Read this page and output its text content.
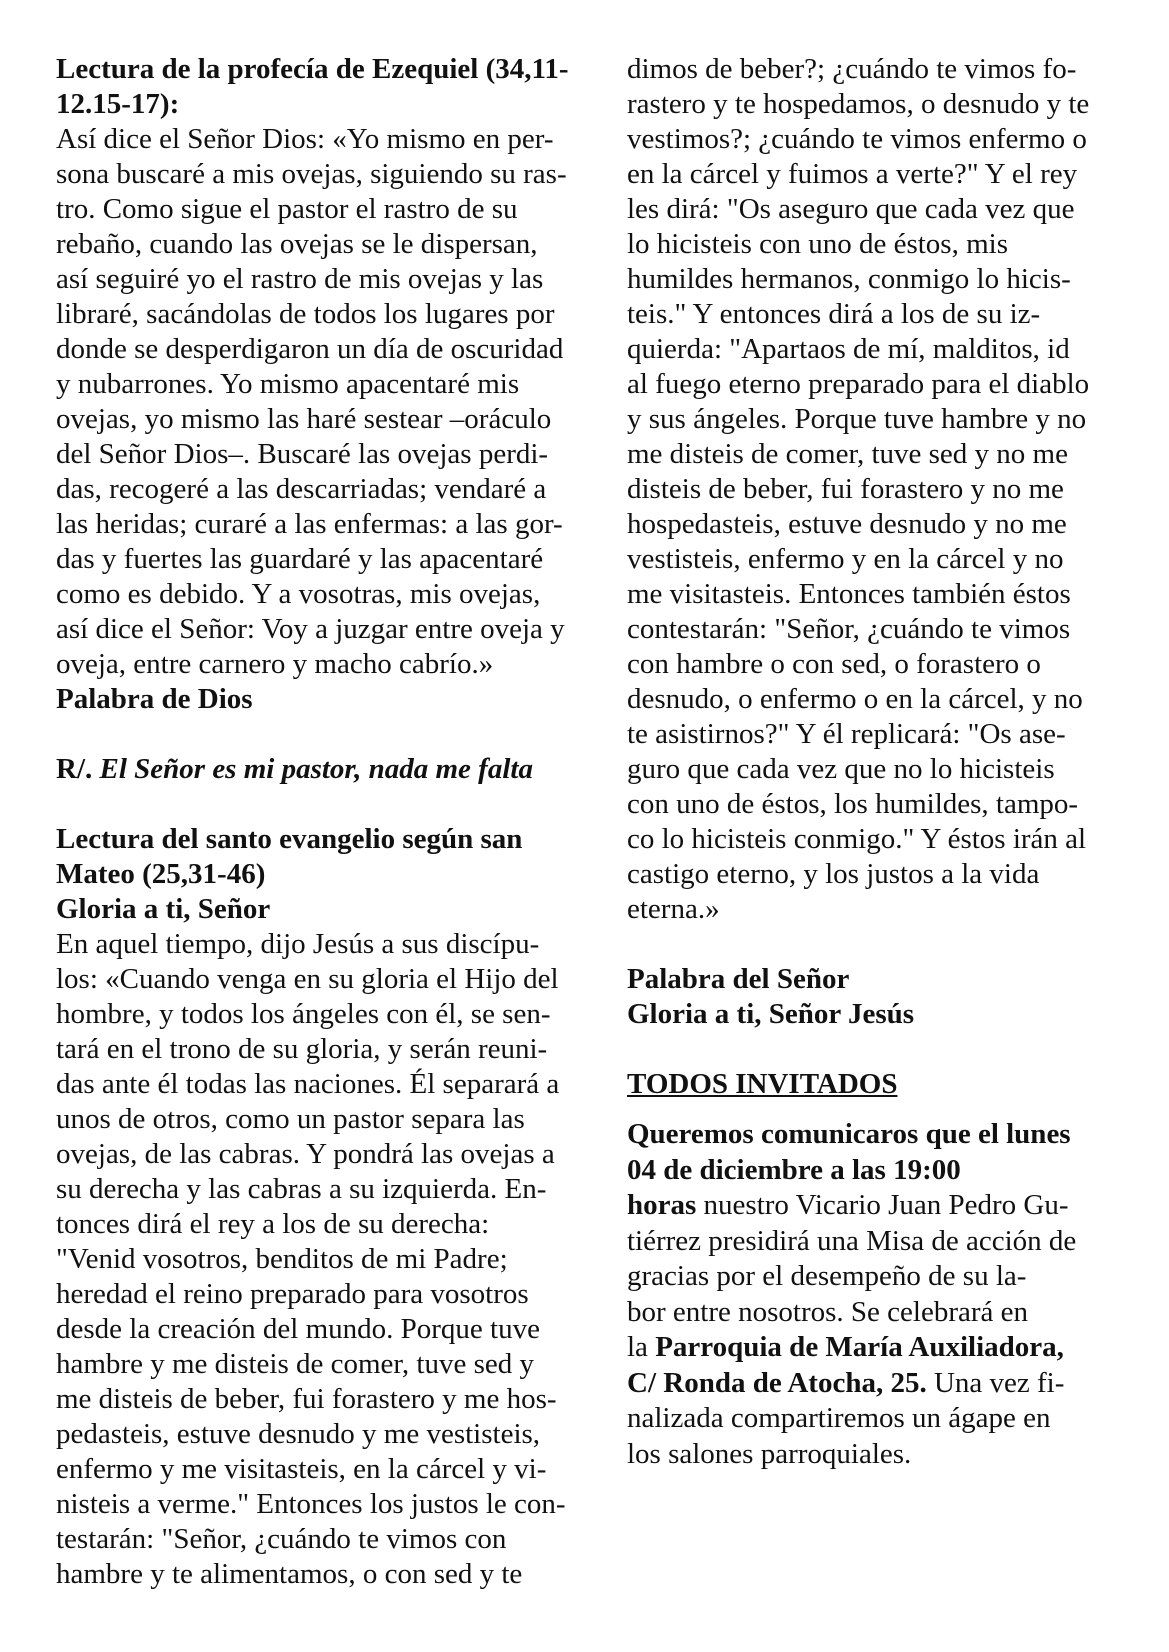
Lectura de la profecía de Ezequiel (34,11-
12.15-17):
Así dice el Señor Dios: «Yo mismo en per-
sona buscaré a mis ovejas, siguiendo su ras-
tro. Como sigue el pastor el rastro de su
rebaño, cuando las ovejas se le dispersan,
así seguiré yo el rastro de mis ovejas y las
libraré, sacándolas de todos los lugares por
donde se desperdigaron un día de oscuridad
y nubarrones. Yo mismo apacentaré mis
ovejas, yo mismo las haré sestear –oráculo
del Señor Dios–. Buscaré las ovejas perdi-
das, recogeré a las descarriadas; vendaré a
las heridas; curaré a las enfermas: a las gor-
das y fuertes las guardaré y las apacentaré
como es debido. Y a vosotras, mis ovejas,
así dice el Señor: Voy a juzgar entre oveja y
oveja, entre carnero y macho cabrío.»
Palabra de Dios
R/. El Señor es mi pastor, nada me falta
Lectura del santo evangelio según san
Mateo (25,31-46)
Gloria a ti, Señor
En aquel tiempo, dijo Jesús a sus discípu-
los: «Cuando venga en su gloria el Hijo del
hombre, y todos los ángeles con él, se sen-
tará en el trono de su gloria, y serán reuni-
das ante él todas las naciones. Él separará a
unos de otros, como un pastor separa las
ovejas, de las cabras. Y pondrá las ovejas a
su derecha y las cabras a su izquierda. En-
tonces dirá el rey a los de su derecha:
"Venid vosotros, benditos de mi Padre;
heredad el reino preparado para vosotros
desde la creación del mundo. Porque tuve
hambre y me disteis de comer, tuve sed y
me disteis de beber, fui forastero y me hos-
pedasteis, estuve desnudo y me vestisteis,
enfermo y me visitasteis, en la cárcel y vi-
nisteis a verme." Entonces los justos le con-
testarán: "Señor, ¿cuándo te vimos con
hambre y te alimentamos, o con sed y te
dimos de beber?; ¿cuándo te vimos fo-
rastero y te hospedamos, o desnudo y te
vestimos?; ¿cuándo te vimos enfermo o
en la cárcel y fuimos a verte?" Y el rey
les dirá: "Os aseguro que cada vez que
lo hicisteis con uno de éstos, mis
humildes hermanos, conmigo lo hicis-
teis." Y entonces dirá a los de su iz-
quierda: "Apartaos de mí, malditos, id
al fuego eterno preparado para el diablo
y sus ángeles. Porque tuve hambre y no
me disteis de comer, tuve sed y no me
disteis de beber, fui forastero y no me
hospedasteis, estuve desnudo y no me
vestisteis, enfermo y en la cárcel y no
me visitasteis. Entonces también éstos
contestarán: "Señor, ¿cuándo te vimos
con hambre o con sed, o forastero o
desnudo, o enfermo o en la cárcel, y no
te asistirnos?" Y él replicará: "Os ase-
guro que cada vez que no lo hicisteis
con uno de éstos, los humildes, tampo-
co lo hicisteis conmigo." Y éstos irán al
castigo eterno, y los justos a la vida
eterna.»
Palabra del Señor
Gloria a ti, Señor Jesús
TODOS INVITADOS
Queremos comunicaros que el lunes
04 de diciembre a las 19:00
horas nuestro Vicario Juan Pedro Gu-
tiérrez presidirá una Misa de acción de
gracias por el desempeño de su la-
bor entre nosotros. Se celebrará en
la Parroquia de María Auxiliadora,
C/ Ronda de Atocha, 25. Una vez fi-
nalizada compartiremos un ágape en
los salones parroquiales.
